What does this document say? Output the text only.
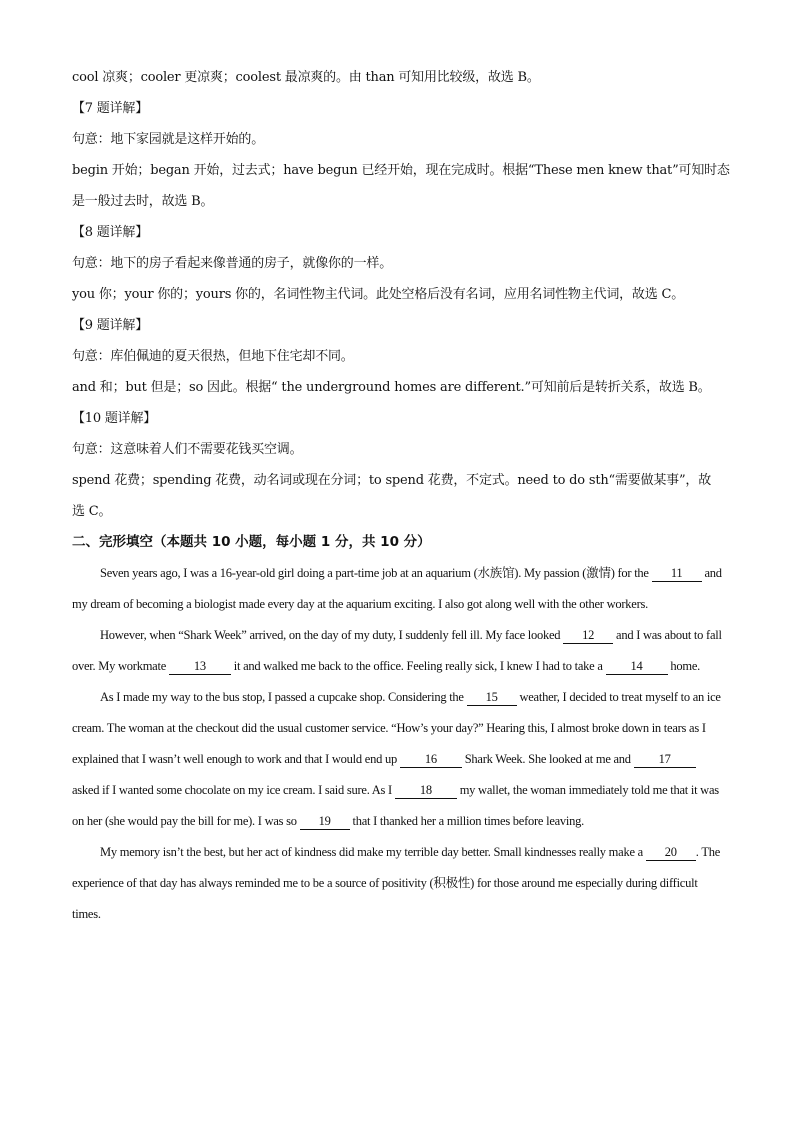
cool 凉爽；cooler 更凉爽；coolest 最凉爽的。由 than 可知用比较级，故选 B。
【7 题详解】
句意：地下家园就是这样开始的。
begin 开始；began 开始，过去式；have begun 已经开始，现在完成时。根据“These men knew that”可知时态
是一般过去时，故选 B。
【8 题详解】
句意：地下的房子看起来像普通的房子，就像你的一样。
you 你；your 你的；yours 你的，名词性物主代词。此处空格后没有名词，应用名词性物主代词，故选 C。
【9 题详解】
句意：库伯佩迪的夏天很热，但地下住宅却不同。
and 和；but 但是；so 因此。根据“ the underground homes are different.”可知前后是转折关系，故选 B。
【10 题详解】
句意：这意味着人们不需要花钱买空调。
spend 花费；spending 花费，动名词或现在分词；to spend 花费，不定式。need to do sth“需要做某事”，故
选 C。
二、完形填空（本题共 10 小题，每小题 1 分，共 10 分）

Seven years ago, I was a 16-year-old girl doing a part-time job at an aquarium (水族馆). My passion (激情) for the 11 and my dream of becoming a biologist made every day at the aquarium exciting. I also got along well with the other workers.

However, when “Shark Week” arrived, on the day of my duty, I suddenly fell ill. My face looked 12 and I was about to fall over. My workmate 13 it and walked me back to the office. Feeling really sick, I knew I had to take a 14 home.

As I made my way to the bus stop, I passed a cupcake shop. Considering the 15 weather, I decided to treat myself to an ice cream. The woman at the checkout did the usual customer service. “How’s your day?” Hearing this, I almost broke down in tears as I explained that I wasn’t well enough to work and that I would end up 16 Shark Week. She looked at me and 17 asked if I wanted some chocolate on my ice cream. I said sure. As I 18 my wallet, the woman immediately told me that it was on her (she would pay the bill for me). I was so 19 that I thanked her a million times before leaving.

My memory isn’t the best, but her act of kindness did make my terrible day better. Small kindnesses really make a 20 . The experience of that day has always reminded me to be a source of positivity (积极性) for those around me especially during difficult times.
